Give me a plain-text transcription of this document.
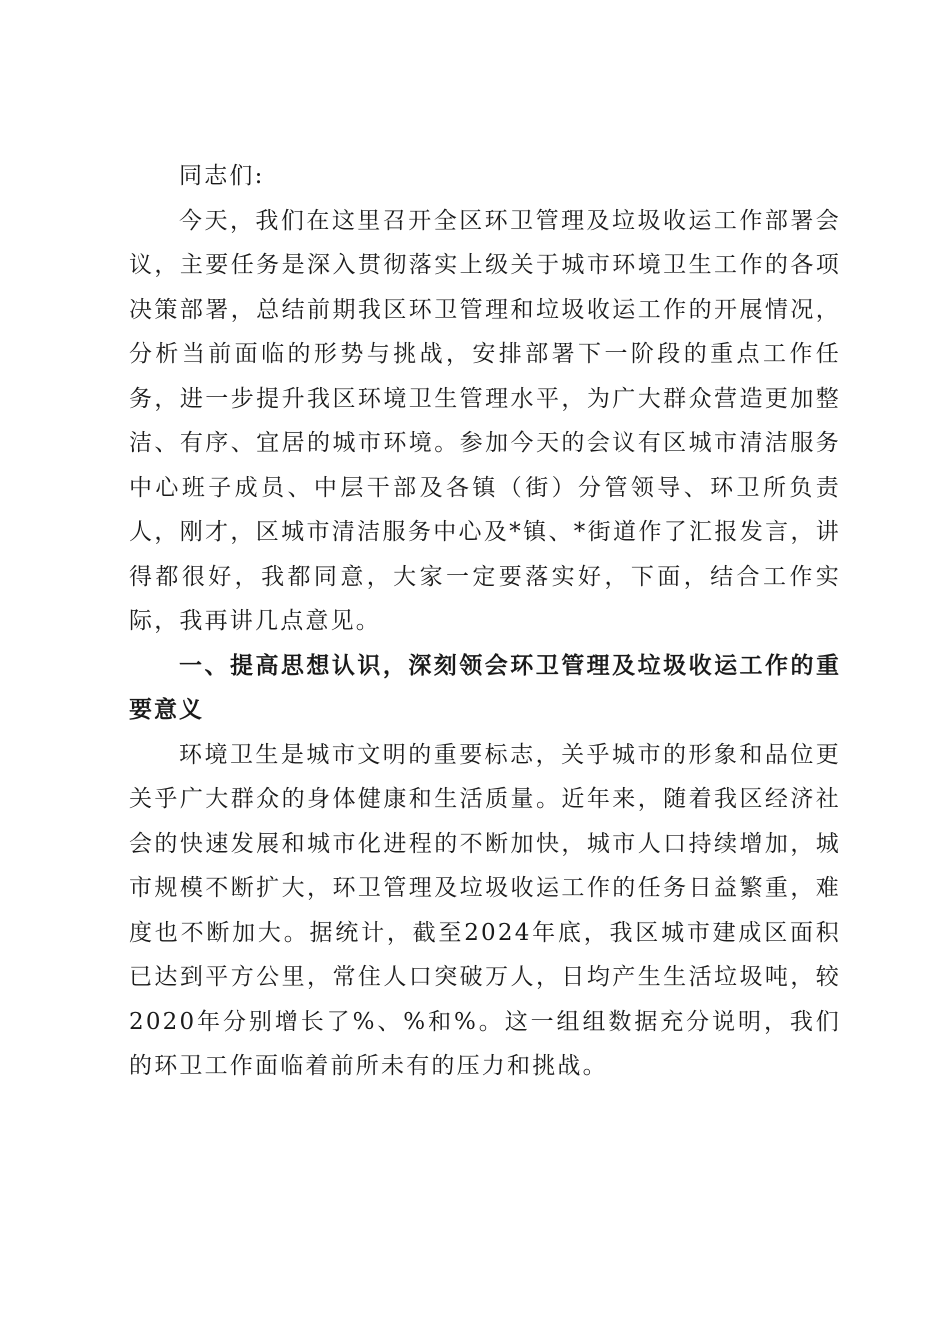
同志们:

今天，我们在这里召开全区环卫管理及垃圾收运工作部署会议，主要任务是深入贯彻落实上级关于城市环境卫生工作的各项决策部署，总结前期我区环卫管理和垃圾收运工作的开展情况，分析当前面临的形势与挑战，安排部署下一阶段的重点工作任务，进一步提升我区环境卫生管理水平，为广大群众营造更加整洁、有序、宜居的城市环境。参加今天的会议有区城市清洁服务中心班子成员、中层干部及各镇（街）分管领导、环卫所负责人，刚才，区城市清洁服务中心及*镇、*街道作了汇报发言，讲得都很好，我都同意，大家一定要落实好，下面，结合工作实际，我再讲几点意见。

一、提高思想认识，深刻领会环卫管理及垃圾收运工作的重要意义

环境卫生是城市文明的重要标志，关乎城市的形象和品位更关乎广大群众的身体健康和生活质量。近年来，随着我区经济社会的快速发展和城市化进程的不断加快，城市人口持续增加，城市规模不断扩大，环卫管理及垃圾收运工作的任务日益繁重，难度也不断加大。据统计，截至2024年底，我区城市建成区面积已达到平方公里，常住人口突破万人，日均产生生活垃圾吨，较2020年分别增长了%、%和%。这一组组数据充分说明，我们的环卫工作面临着前所未有的压力和挑战。
